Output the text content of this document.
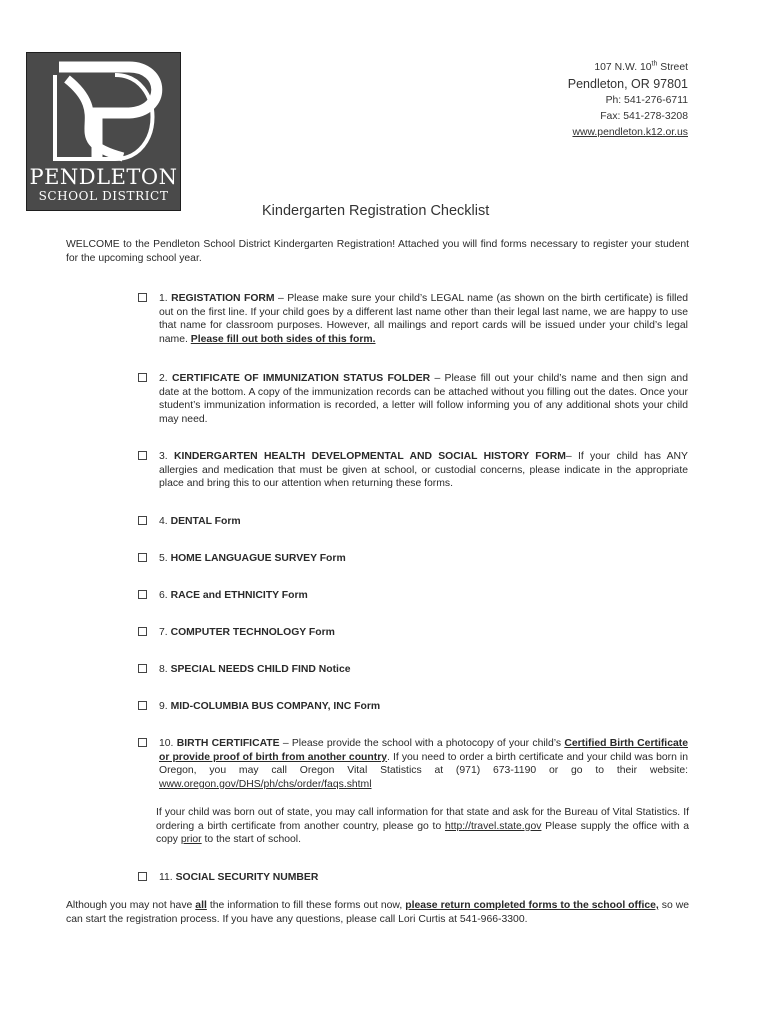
PENDLETON
SCHOOL DISTRICT
107 N.W. 10th Street
Pendleton, OR 97801
Ph: 541-276-6711
Fax: 541-278-3208
www.pendleton.k12.or.us
Kindergarten Registration Checklist
WELCOME to the Pendleton School District Kindergarten Registration! Attached you will find forms necessary to register your student for the upcoming school year.
1. REGISTATION FORM – Please make sure your child’s LEGAL name (as shown on the birth certificate) is filled out on the first line. If your child goes by a different last name other than their legal last name, we are happy to use that name for classroom purposes. However, all mailings and report cards will be issued under your child’s legal name. Please fill out both sides of this form.
2. CERTIFICATE OF IMMUNIZATION STATUS FOLDER – Please fill out your child’s name and then sign and date at the bottom. A copy of the immunization records can be attached without you filling out the dates. Once your student’s immunization information is recorded, a letter will follow informing you of any additional shots your child may need.
3. KINDERGARTEN HEALTH DEVELOPMENTAL AND SOCIAL HISTORY FORM– If your child has ANY allergies and medication that must be given at school, or custodial concerns, please indicate in the appropriate place and bring this to our attention when returning these forms.
4. DENTAL Form
5. HOME LANGUAGUE SURVEY Form
6. RACE and ETHNICITY Form
7. COMPUTER TECHNOLOGY Form
8. SPECIAL NEEDS CHILD FIND Notice
9. MID-COLUMBIA BUS COMPANY, INC Form
10. BIRTH CERTIFICATE – Please provide the school with a photocopy of your child’s Certified Birth Certificate or provide proof of birth from another country. If you need to order a birth certificate and your child was born in Oregon, you may call Oregon Vital Statistics at (971) 673-1190 or go to their website: www.oregon.gov/DHS/ph/chs/order/faqs.shtml
If your child was born out of state, you may call information for that state and ask for the Bureau of Vital Statistics. If ordering a birth certificate from another country, please go to http://travel.state.gov Please supply the office with a copy prior to the start of school.
11. SOCIAL SECURITY NUMBER
Although you may not have all the information to fill these forms out now, please return completed forms to the school office, so we can start the registration process. If you have any questions, please call Lori Curtis at 541-966-3300.
